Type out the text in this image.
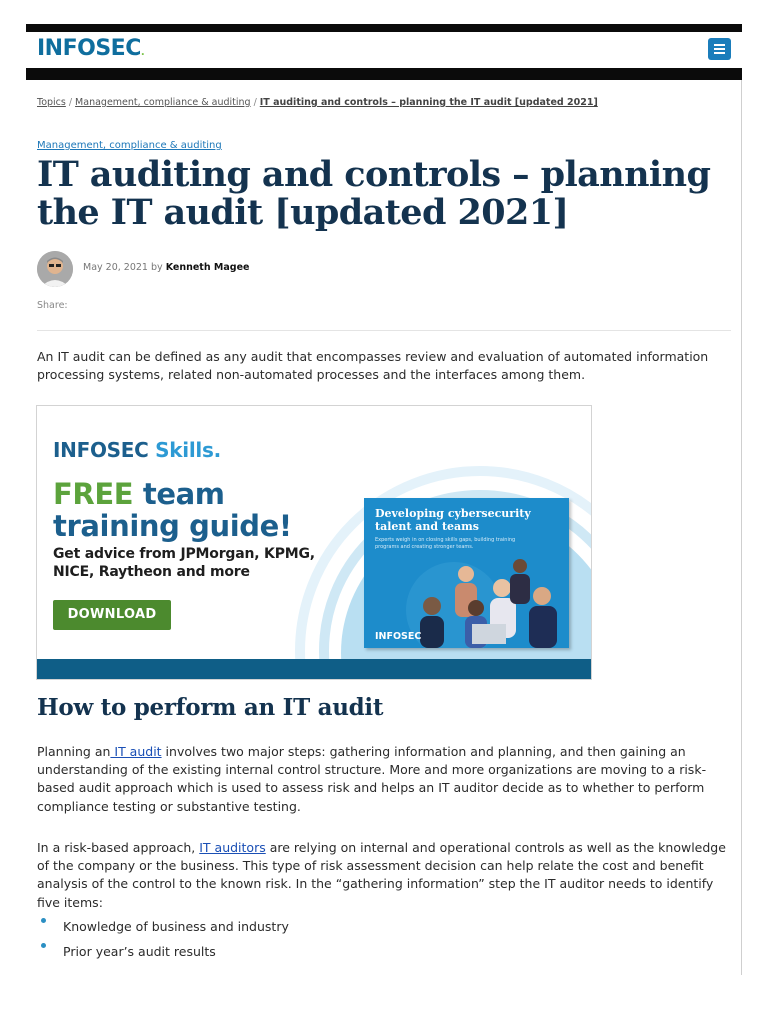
INFOSEC.
Topics / Management, compliance & auditing / IT auditing and controls – planning the IT audit [updated 2021]
Management, compliance & auditing
IT auditing and controls – planning the IT audit [updated 2021]
May 20, 2021 by Kenneth Magee
Share:

An IT audit can be defined as any audit that encompasses review and evaluation of automated information processing systems, related non-automated processes and the interfaces among them.

INFOSEC Skills.
FREE team
training guide!
Get advice from JPMorgan, KPMG,
NICE, Raytheon and more
DOWNLOAD
Developing cybersecurity
talent and teams
Experts weigh in on closing skills gaps, building training
programs and creating stronger teams.
INFOSEC
How to perform an IT audit

Planning an IT audit involves two major steps: gathering information and planning, and then gaining an understanding of the existing internal control structure. More and more organizations are moving to a risk-based audit approach which is used to assess risk and helps an IT auditor decide as to whether to perform compliance testing or substantive testing.

In a risk-based approach, IT auditors are relying on internal and operational controls as well as the knowledge of the company or the business. This type of risk assessment decision can help relate the cost and benefit analysis of the control to the known risk. In the “gathering information” step the IT auditor needs to identify five items:

Knowledge of business and industry
Prior year’s audit results
